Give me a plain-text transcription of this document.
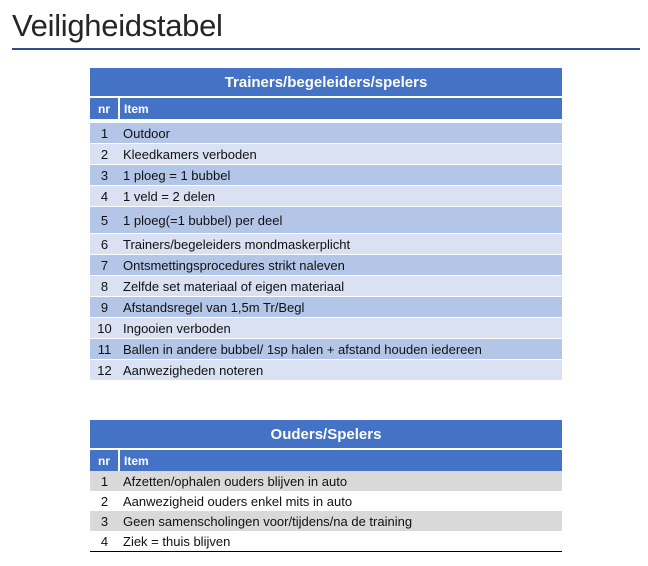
Veiligheidstabel
Trainers/begeleiders/spelers	
nr	Item
1	Outdoor
2	Kleedkamers verboden
3	1 ploeg = 1 bubbel
4	1 veld = 2 delen
5	1 ploeg(=1 bubbel) per deel
6	Trainers/begeleiders mondmaskerplicht
7	Ontsmettingsprocedures strikt naleven
8	Zelfde set materiaal of eigen materiaal
9	Afstandsregel van 1,5m Tr/Begl
10	Ingooien verboden
11	Ballen in andere bubbel/ 1sp halen + afstand houden iedereen
12	Aanwezigheden noteren
Ouders/Spelers	
nr	Item
1	Afzetten/ophalen ouders blijven in auto
2	Aanwezigheid ouders enkel mits in auto
3	Geen samenscholingen voor/tijdens/na de training
4	Ziek = thuis blijven
